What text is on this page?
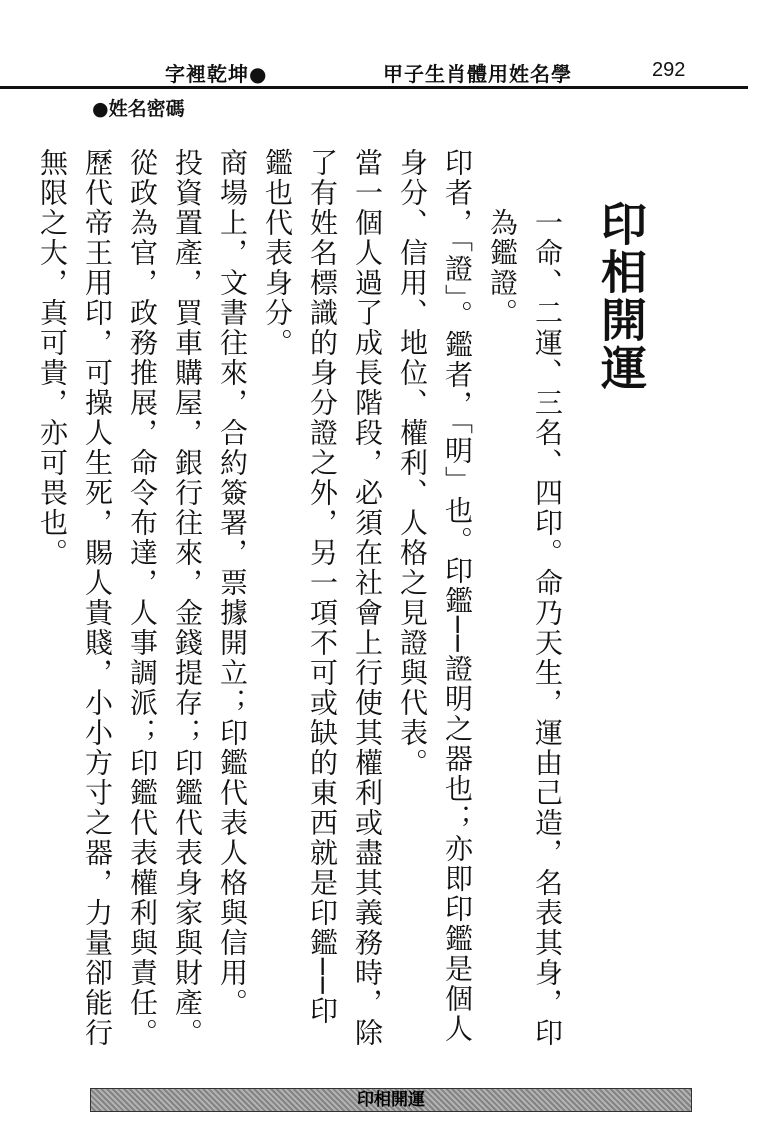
字裡乾坤●	甲子生肖體用姓名學	292
●姓名密碼
印相開運

一命、二運、三名、四印。命乃天生，運由己造，名表其身，印為鑑證。

印者，「證」。鑑者，「明」也。印鑑──證明之器也；亦即印鑑是個人身分、信用、地位、權利、人格之見證與代表。

當一個人過了成長階段，必須在社會上行使其權利或盡其義務時，除了有姓名標識的身分證之外，另一項不可或缺的東西就是印鑑──印鑑也代表身分。

商場上，文書往來，合約簽署，票據開立；印鑑代表人格與信用。

投資置產，買車購屋，銀行往來，金錢提存；印鑑代表身家與財產。

從政為官，政務推展，命令布達，人事調派；印鑑代表權利與責任。歷代帝王用印，可操人生死，賜人貴賤，小小方寸之器，力量卻能行無限之大，真可貴，亦可畏也。

印相開運
